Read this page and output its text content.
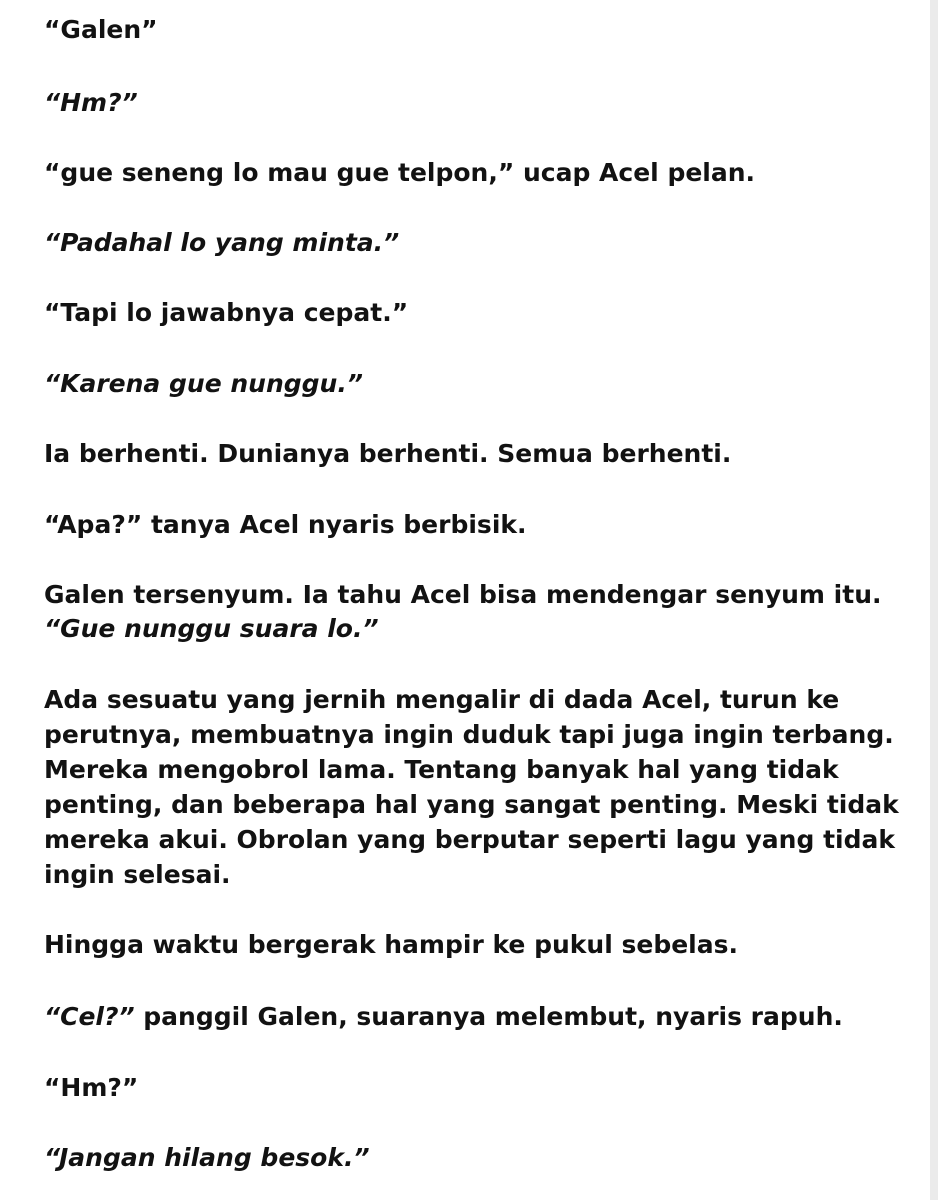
“Galen”
“Hm?”
“gue seneng lo mau gue telpon,” ucap Acel pelan.
“Padahal lo yang minta.”
“Tapi lo jawabnya cepat.”
“Karena gue nunggu.”
Ia berhenti. Dunianya berhenti. Semua berhenti.
“Apa?” tanya Acel nyaris berbisik.
Galen tersenyum. Ia tahu Acel bisa mendengar senyum itu.
“Gue nunggu suara lo.”
Ada sesuatu yang jernih mengalir di dada Acel, turun ke
perutnya, membuatnya ingin duduk tapi juga ingin terbang.
Mereka mengobrol lama. Tentang banyak hal yang tidak
penting, dan beberapa hal yang sangat penting. Meski tidak
mereka akui. Obrolan yang berputar seperti lagu yang tidak
ingin selesai.
Hingga waktu bergerak hampir ke pukul sebelas.
“Cel?” panggil Galen, suaranya melembut, nyaris rapuh.
“Hm?”
“Jangan hilang besok.”
